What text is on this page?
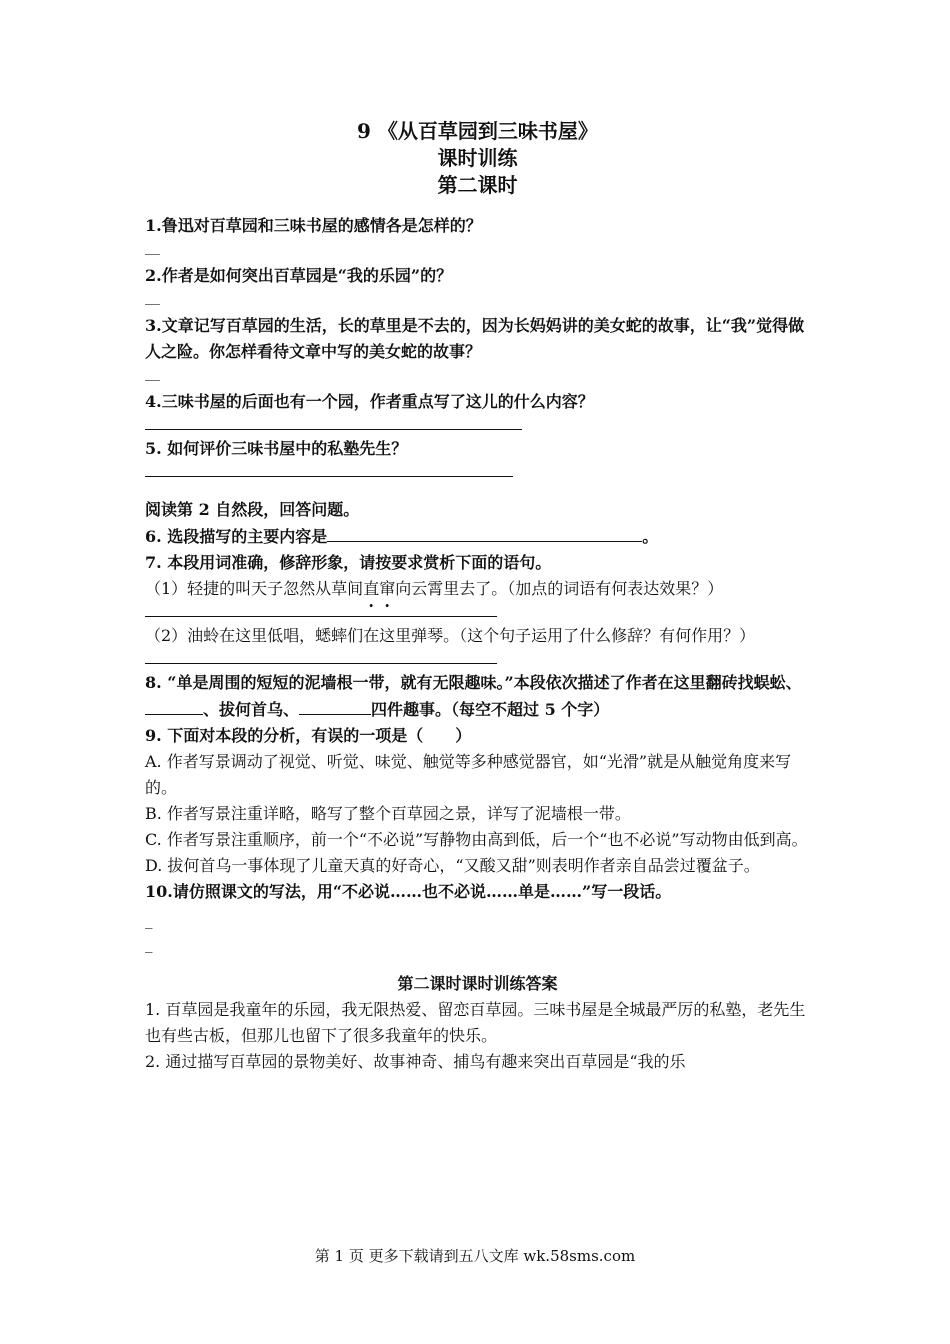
9 《从百草园到三味书屋》
课时训练
第二课时
1.鲁迅对百草园和三味书屋的感情各是怎样的？
__
2.作者是如何突出百草园是“我的乐园”的？
__
3.文章记写百草园的生活，长的草里是不去的，因为长妈妈讲的美女蛇的故事，让“我”觉得做人之险。你怎样看待文章中写的美女蛇的故事？
__
4.三味书屋的后面也有一个园，作者重点写了这儿的什么内容？
5. 如何评价三味书屋中的私塾先生？
阅读第 2 自然段，回答问题。
6. 选段描写的主要内容是	。
7. 本段用词准确，修辞形象，请按要求赏析下面的语句。
（1）轻捷的叫天子忽然从草间直窜向云霄里去了。（加点的词语有何表达效果？）
（2）油蛉在这里低唱，蟋蟀们在这里弹琴。（这个句子运用了什么修辞？有何作用？）
8. “单是周围的短短的泥墙根一带，就有无限趣味。”本段依次描述了作者在这里翻砖找蜈蚣、、拔何首乌、	四件趣事。（每空不超过 5 个字）
9. 下面对本段的分析，有误的一项是（　　）
A. 作者写景调动了视觉、听觉、味觉、触觉等多种感觉器官，如“光滑”就是从触觉角度来写的。
B. 作者写景注重详略，略写了整个百草园之景，详写了泥墙根一带。
C. 作者写景注重顺序，前一个“不必说”写静物由高到低，后一个“也不必说”写动物由低到高。
D. 拔何首乌一事体现了儿童天真的好奇心，“又酸又甜”则表明作者亲自品尝过覆盆子。
10.请仿照课文的写法，用“不必说……也不必说……单是……”写一段话。
_
_
第二课时课时训练答案
1. 百草园是我童年的乐园，我无限热爱、留恋百草园。三味书屋是全城最严厉的私塾，老先生也有些古板，但那儿也留下了很多我童年的快乐。
2. 通过描写百草园的景物美好、故事神奇、捕鸟有趣来突出百草园是“我的乐
第 1 页 更多下载请到五八文库 wk.58sms.com
